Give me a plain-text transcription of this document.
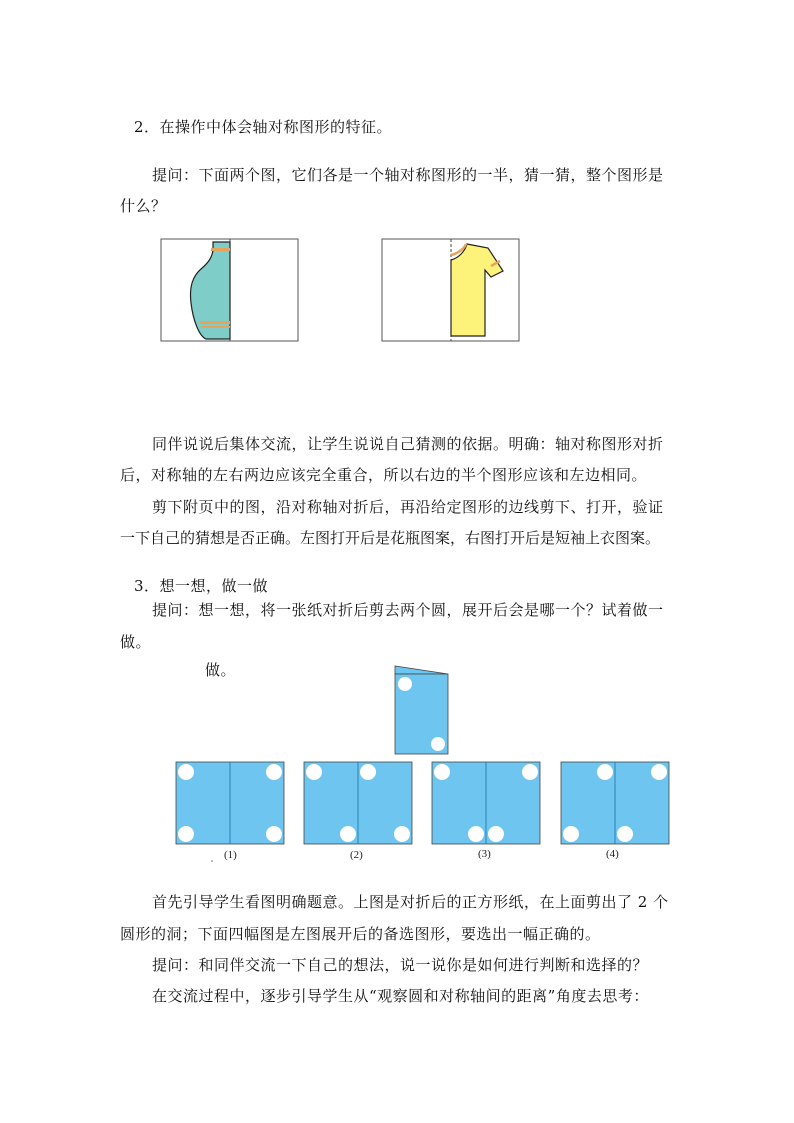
2．在操作中体会轴对称图形的特征。
提问：下面两个图，它们各是一个轴对称图形的一半，猜一猜，整个图形是
什么？
同伴说说后集体交流，让学生说说自己猜测的依据。明确：轴对称图形对折
后，对称轴的左右两边应该完全重合，所以右边的半个图形应该和左边相同。
剪下附页中的图，沿对称轴对折后，再沿给定图形的边线剪下、打开，验证
一下自己的猜想是否正确。左图打开后是花瓶图案，右图打开后是短袖上衣图案。
3．想一想，做一做
提问：想一想，将一张纸对折后剪去两个圆，展开后会是哪一个？试着做一
做。
做。
(1)	(2)	(3)	(4)
首先引导学生看图明确题意。上图是对折后的正方形纸，在上面剪出了 2 个
圆形的洞；下面四幅图是左图展开后的备选图形，要选出一幅正确的。
提问：和同伴交流一下自己的想法，说一说你是如何进行判断和选择的？
在交流过程中，逐步引导学生从“观察圆和对称轴间的距离”角度去思考：
